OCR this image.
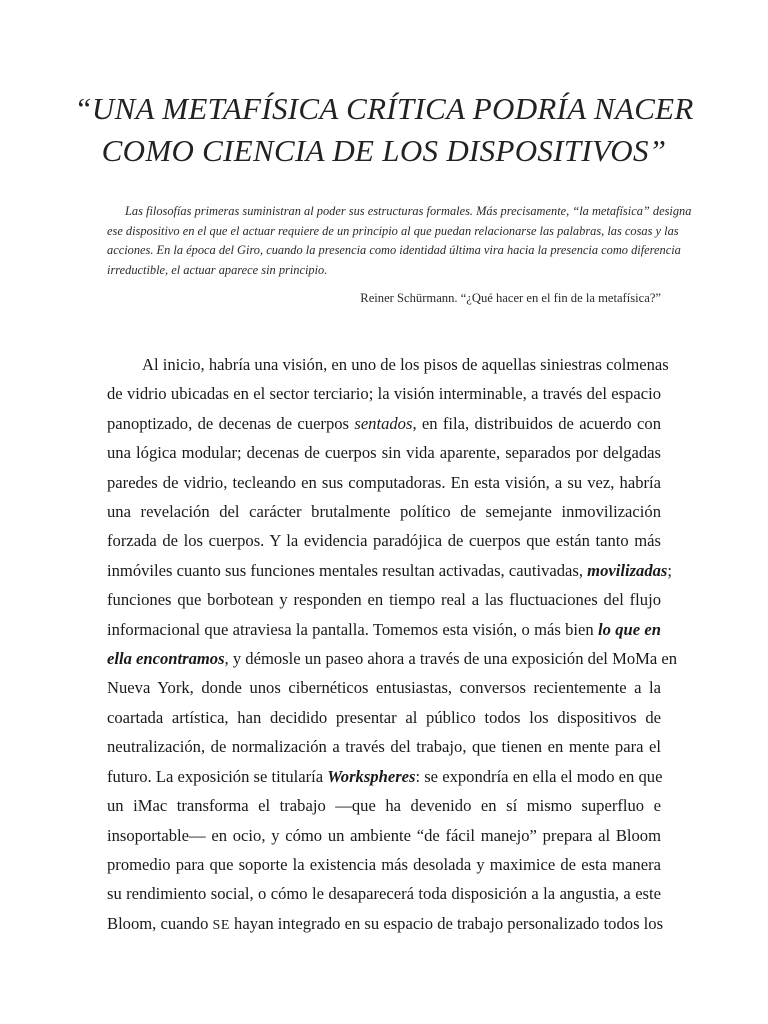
“UNA METAFÍSICA CRÍTICA PODRÍA NACER
COMO CIENCIA DE LOS DISPOSITIVOS”
Las filosofías primeras suministran al poder sus estructuras formales. Más precisamente, “la metafísica” designa
ese dispositivo en el que el actuar requiere de un principio al que puedan relacionarse las palabras, las cosas y las
acciones. En la época del Giro, cuando la presencia como identidad última vira hacia la presencia como diferencia
irreductible, el actuar aparece sin principio.
Reiner Schürmann. “¿Qué hacer en el fin de la metafísica?”
Al inicio, habría una visión, en uno de los pisos de aquellas siniestras colmenas
de vidrio ubicadas en el sector terciario; la visión interminable, a través del espacio
panoptizado, de decenas de cuerpos sentados, en fila, distribuidos de acuerdo con
una lógica modular; decenas de cuerpos sin vida aparente, separados por delgadas
paredes de vidrio, tecleando en sus computadoras. En esta visión, a su vez, habría
una revelación del carácter brutalmente político de semejante inmovilización
forzada de los cuerpos. Y la evidencia paradójica de cuerpos que están tanto más
inmóviles cuanto sus funciones mentales resultan activadas, cautivadas, movilizadas;
funciones que borbotean y responden en tiempo real a las fluctuaciones del flujo
informacional que atraviesa la pantalla. Tomemos esta visión, o más bien lo que en
ella encontramos, y démosle un paseo ahora a través de una exposición del MoMa en
Nueva York, donde unos cibernéticos entusiastas, conversos recientemente a la
coartada artística, han decidido presentar al público todos los dispositivos de
neutralización, de normalización a través del trabajo, que tienen en mente para el
futuro. La exposición se titularía Workspheres: se expondría en ella el modo en que
un iMac transforma el trabajo —que ha devenido en sí mismo superfluo e
insoportable— en ocio, y cómo un ambiente “de fácil manejo” prepara al Bloom
promedio para que soporte la existencia más desolada y maximice de esta manera
su rendimiento social, o cómo le desaparecerá toda disposición a la angustia, a este
Bloom, cuando SE hayan integrado en su espacio de trabajo personalizado todos los
